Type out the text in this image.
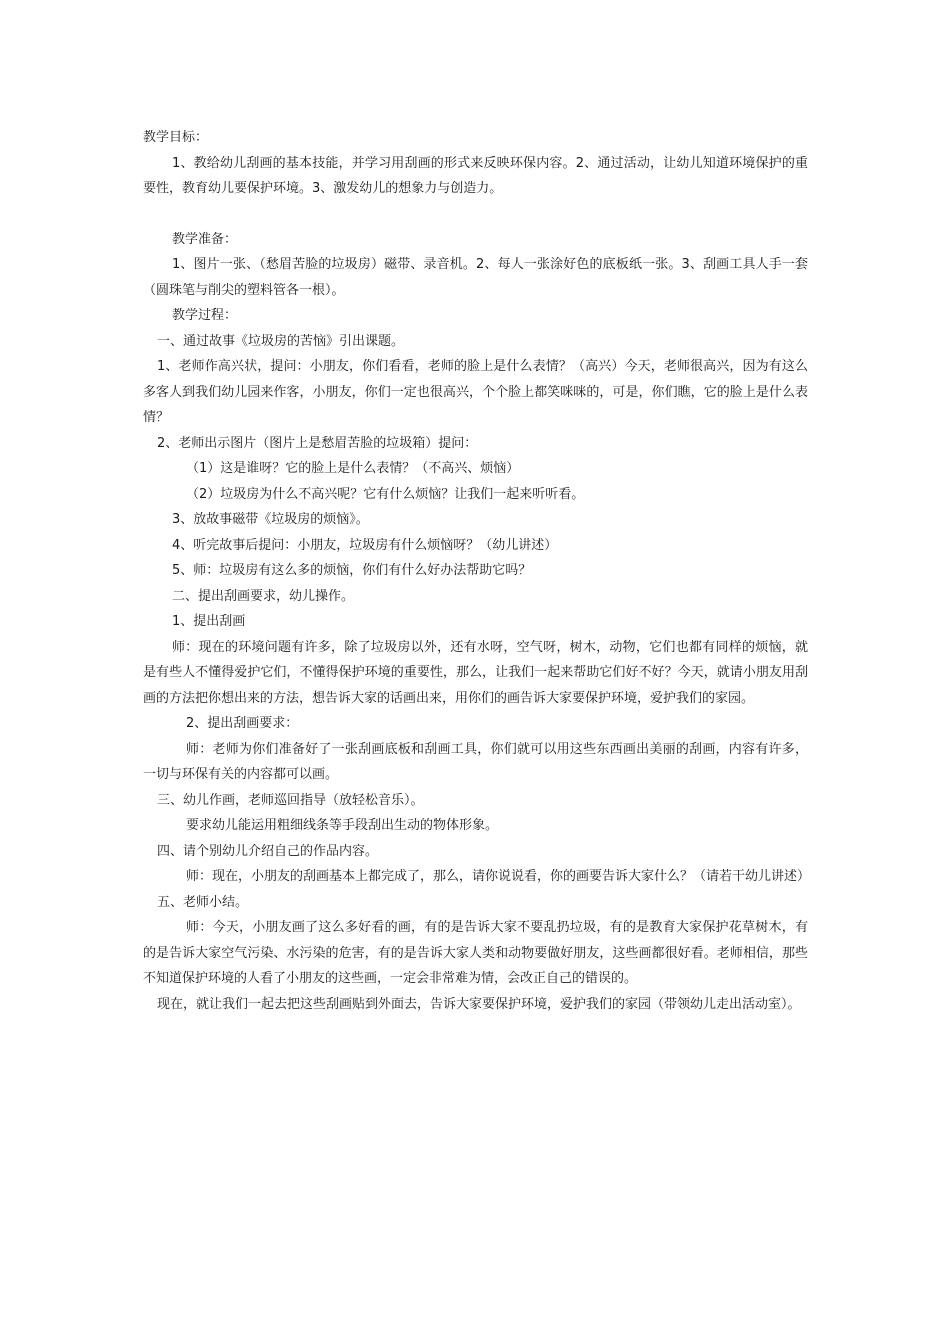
教学目标：

1、教给幼儿刮画的基本技能，并学习用刮画的形式来反映环保内容。2、通过活动，让幼儿知道环境保护的重要性，教育幼儿要保护环境。3、激发幼儿的想象力与创造力。

教学准备：

1、图片一张、（愁眉苦脸的垃圾房）磁带、录音机。2、每人一张涂好色的底板纸一张。3、刮画工具人手一套（圆珠笔与削尖的塑料管各一根）。

教学过程：

一、通过故事《垃圾房的苦恼》引出课题。

1、老师作高兴状，提问：小朋友，你们看看，老师的脸上是什么表情？（高兴）今天，老师很高兴，因为有这么多客人到我们幼儿园来作客，小朋友，你们一定也很高兴，个个脸上都笑咪咪的，可是，你们瞧，它的脸上是什么表情？

2、老师出示图片（图片上是愁眉苦脸的垃圾箱）提问：

（1）这是谁呀？它的脸上是什么表情？（不高兴、烦恼）

（2）垃圾房为什么不高兴呢？它有什么烦恼？让我们一起来听听看。

3、放故事磁带《垃圾房的烦恼》。

4、听完故事后提问：小朋友，垃圾房有什么烦恼呀？（幼儿讲述）

5、师：垃圾房有这么多的烦恼，你们有什么好办法帮助它吗？

二、提出刮画要求，幼儿操作。

1、提出刮画

师：现在的环境问题有许多，除了垃圾房以外，还有水呀，空气呀，树木，动物，它们也都有同样的烦恼，就是有些人不懂得爱护它们，不懂得保护环境的重要性，那么，让我们一起来帮助它们好不好？今天，就请小朋友用刮画的方法把你想出来的方法，想告诉大家的话画出来，用你们的画告诉大家要保护环境，爱护我们的家园。

2、提出刮画要求：

师：老师为你们准备好了一张刮画底板和刮画工具，你们就可以用这些东西画出美丽的刮画，内容有许多，一切与环保有关的内容都可以画。

三、幼儿作画，老师巡回指导（放轻松音乐）。

要求幼儿能运用粗细线条等手段刮出生动的物体形象。

四、请个别幼儿介绍自己的作品内容。

师：现在，小朋友的刮画基本上都完成了，那么，请你说说看，你的画要告诉大家什么？（请若干幼儿讲述）

五、老师小结。

师：今天，小朋友画了这么多好看的画，有的是告诉大家不要乱扔垃圾，有的是教育大家保护花草树木，有的是告诉大家空气污染、水污染的危害，有的是告诉大家人类和动物要做好朋友，这些画都很好看。老师相信，那些不知道保护环境的人看了小朋友的这些画，一定会非常难为情，会改正自己的错误的。

现在，就让我们一起去把这些刮画贴到外面去，告诉大家要保护环境，爱护我们的家园（带领幼儿走出活动室）。
